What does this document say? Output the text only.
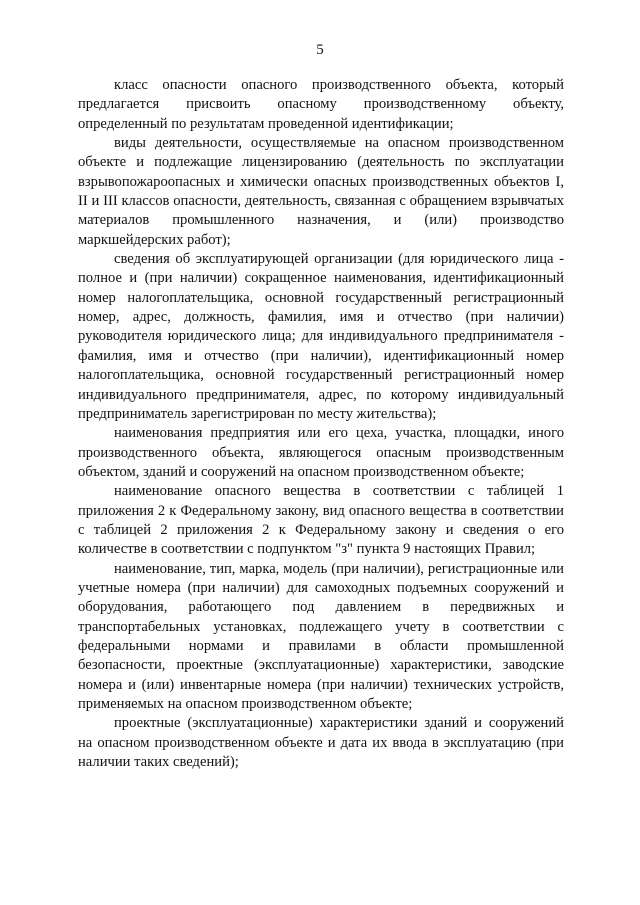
5

класс опасности опасного производственного объекта, который предлагается присвоить опасному производственному объекту, определенный по результатам проведенной идентификации;

виды деятельности, осуществляемые на опасном производственном объекте и подлежащие лицензированию (деятельность по эксплуатации взрывопожароопасных и химически опасных производственных объектов I, II и III классов опасности, деятельность, связанная с обращением взрывчатых материалов промышленного назначения, и (или) производство маркшейдерских работ);

сведения об эксплуатирующей организации (для юридического лица - полное и (при наличии) сокращенное наименования, идентификационный номер налогоплательщика, основной государственный регистрационный номер, адрес, должность, фамилия, имя и отчество (при наличии) руководителя юридического лица; для индивидуального предпринимателя - фамилия, имя и отчество (при наличии), идентификационный номер налогоплательщика, основной государственный регистрационный номер индивидуального предпринимателя, адрес, по которому индивидуальный предприниматель зарегистрирован по месту жительства);

наименования предприятия или его цеха, участка, площадки, иного производственного объекта, являющегося опасным производственным объектом, зданий и сооружений на опасном производственном объекте;

наименование опасного вещества в соответствии с таблицей 1 приложения 2 к Федеральному закону, вид опасного вещества в соответствии с таблицей 2 приложения 2 к Федеральному закону и сведения о его количестве в соответствии с подпунктом "з" пункта 9 настоящих Правил;

наименование, тип, марка, модель (при наличии), регистрационные или учетные номера (при наличии) для самоходных подъемных сооружений и оборудования, работающего под давлением в передвижных и транспортабельных установках, подлежащего учету в соответствии с федеральными нормами и правилами в области промышленной безопасности, проектные (эксплуатационные) характеристики, заводские номера и (или) инвентарные номера (при наличии) технических устройств, применяемых на опасном производственном объекте;

проектные (эксплуатационные) характеристики зданий и сооружений на опасном производственном объекте и дата их ввода в эксплуатацию (при наличии таких сведений);
